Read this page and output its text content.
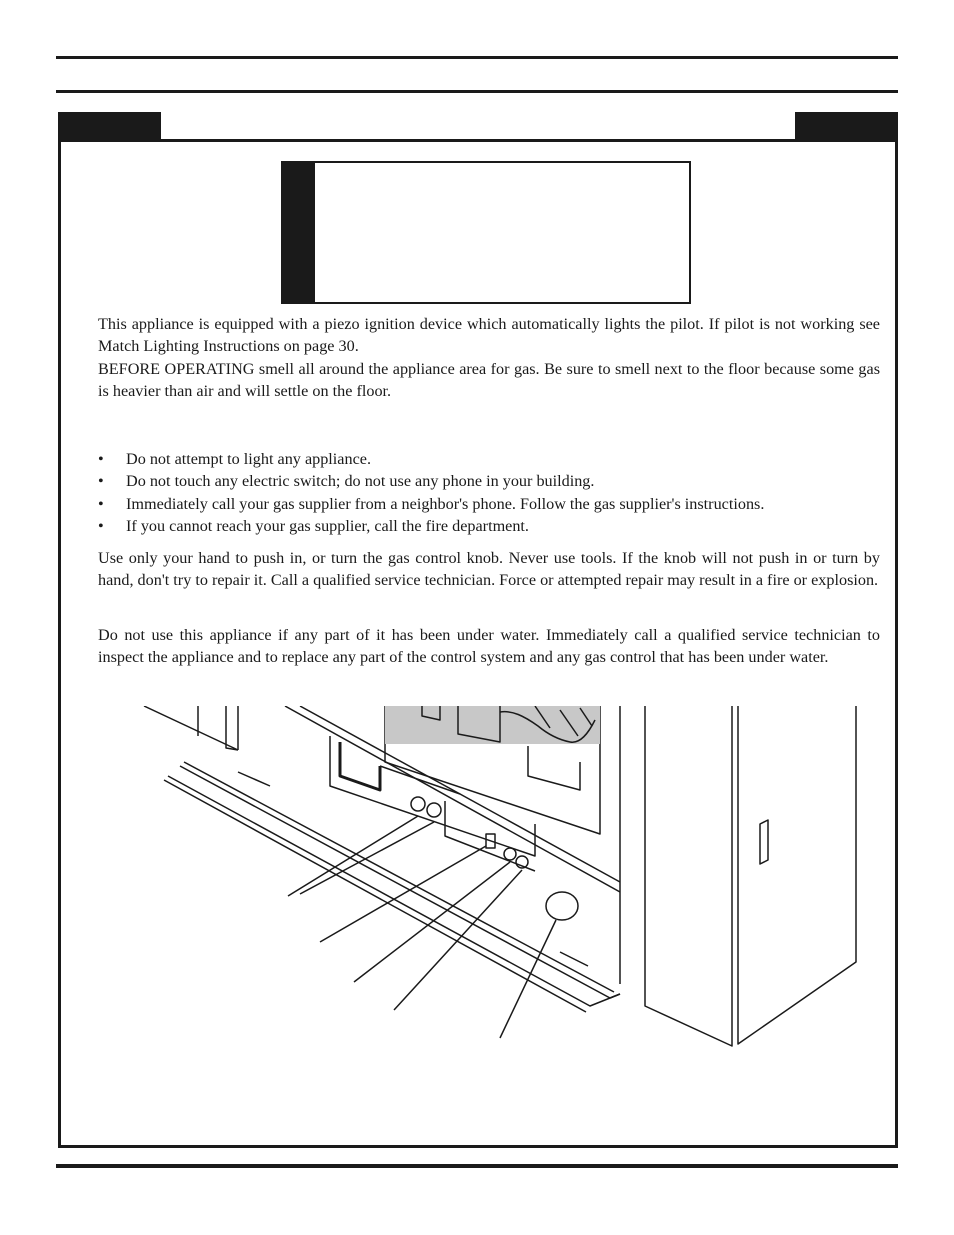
This appliance is equipped with a piezo ignition device which automatically lights the pilot. If pilot is not working see Match Lighting Instructions on page 30.
BEFORE OPERATING smell all around the appliance area for gas. Be sure to smell next to the floor because some gas is heavier than air and will settle on the floor.
• Do not attempt to light any appliance.
• Do not touch any electric switch; do not use any phone in your building.
• Immediately call your gas supplier from a neighbor's phone. Follow the gas supplier's instructions.
• If you cannot reach your gas supplier, call the fire department.
Use only your hand to push in, or turn the gas control knob. Never use tools. If the knob will not push in or turn by hand, don't try to repair it. Call a qualified service technician. Force or attempted repair may result in a fire or explosion.
Do not use this appliance if any part of it has been under water. Immediately call a qualified service technician to inspect the appliance and to replace any part of the control system and any gas control that has been under water.
